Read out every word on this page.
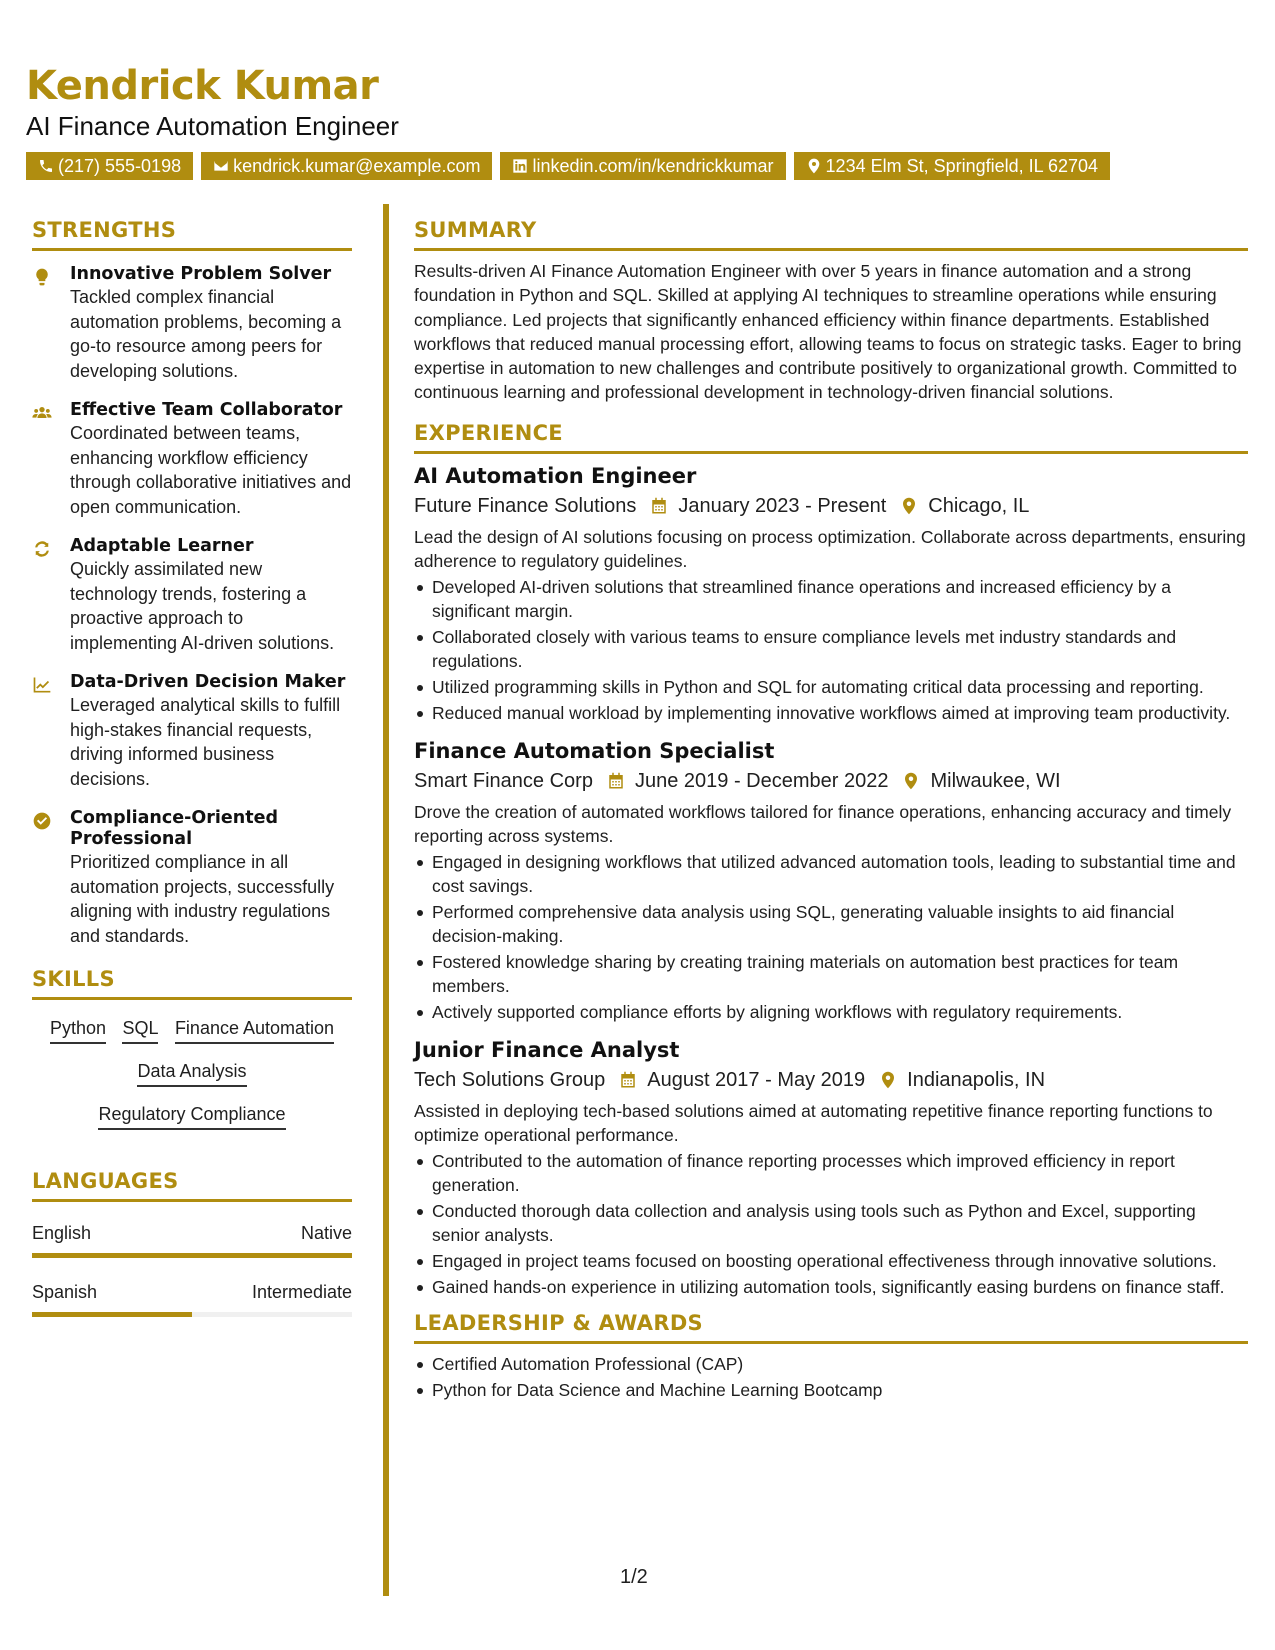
Kendrick Kumar
AI Finance Automation Engineer
(217) 555-0198	kendrick.kumar@example.com	linkedin.com/in/kendrickkumar	1234 Elm St, Springfield, IL 62704
STRENGTHS
Innovative Problem Solver
Tackled complex financial automation problems, becoming a go-to resource among peers for developing solutions.
Effective Team Collaborator
Coordinated between teams, enhancing workflow efficiency through collaborative initiatives and open communication.
Adaptable Learner
Quickly assimilated new technology trends, fostering a proactive approach to implementing AI-driven solutions.
Data-Driven Decision Maker
Leveraged analytical skills to fulfill high-stakes financial requests, driving informed business decisions.
Compliance-Oriented Professional
Prioritized compliance in all automation projects, successfully aligning with industry regulations and standards.
SKILLS
Python SQL Finance Automation
Data Analysis
Regulatory Compliance
LANGUAGES
English	Native
Spanish	Intermediate
SUMMARY
Results-driven AI Finance Automation Engineer with over 5 years in finance automation and a strong foundation in Python and SQL. Skilled at applying AI techniques to streamline operations while ensuring compliance. Led projects that significantly enhanced efficiency within finance departments. Established workflows that reduced manual processing effort, allowing teams to focus on strategic tasks. Eager to bring expertise in automation to new challenges and contribute positively to organizational growth. Committed to continuous learning and professional development in technology-driven financial solutions.
EXPERIENCE
AI Automation Engineer
Future Finance Solutions January 2023 - Present Chicago, IL
Lead the design of AI solutions focusing on process optimization. Collaborate across departments, ensuring adherence to regulatory guidelines.
Developed AI-driven solutions that streamlined finance operations and increased efficiency by a significant margin.
Collaborated closely with various teams to ensure compliance levels met industry standards and regulations.
Utilized programming skills in Python and SQL for automating critical data processing and reporting.
Reduced manual workload by implementing innovative workflows aimed at improving team productivity.
Finance Automation Specialist
Smart Finance Corp June 2019 - December 2022 Milwaukee, WI
Drove the creation of automated workflows tailored for finance operations, enhancing accuracy and timely reporting across systems.
Engaged in designing workflows that utilized advanced automation tools, leading to substantial time and cost savings.
Performed comprehensive data analysis using SQL, generating valuable insights to aid financial decision-making.
Fostered knowledge sharing by creating training materials on automation best practices for team members.
Actively supported compliance efforts by aligning workflows with regulatory requirements.
Junior Finance Analyst
Tech Solutions Group August 2017 - May 2019 Indianapolis, IN
Assisted in deploying tech-based solutions aimed at automating repetitive finance reporting functions to optimize operational performance.
Contributed to the automation of finance reporting processes which improved efficiency in report generation.
Conducted thorough data collection and analysis using tools such as Python and Excel, supporting senior analysts.
Engaged in project teams focused on boosting operational effectiveness through innovative solutions.
Gained hands-on experience in utilizing automation tools, significantly easing burdens on finance staff.
LEADERSHIP & AWARDS
Certified Automation Professional (CAP)
Python for Data Science and Machine Learning Bootcamp
1/2
